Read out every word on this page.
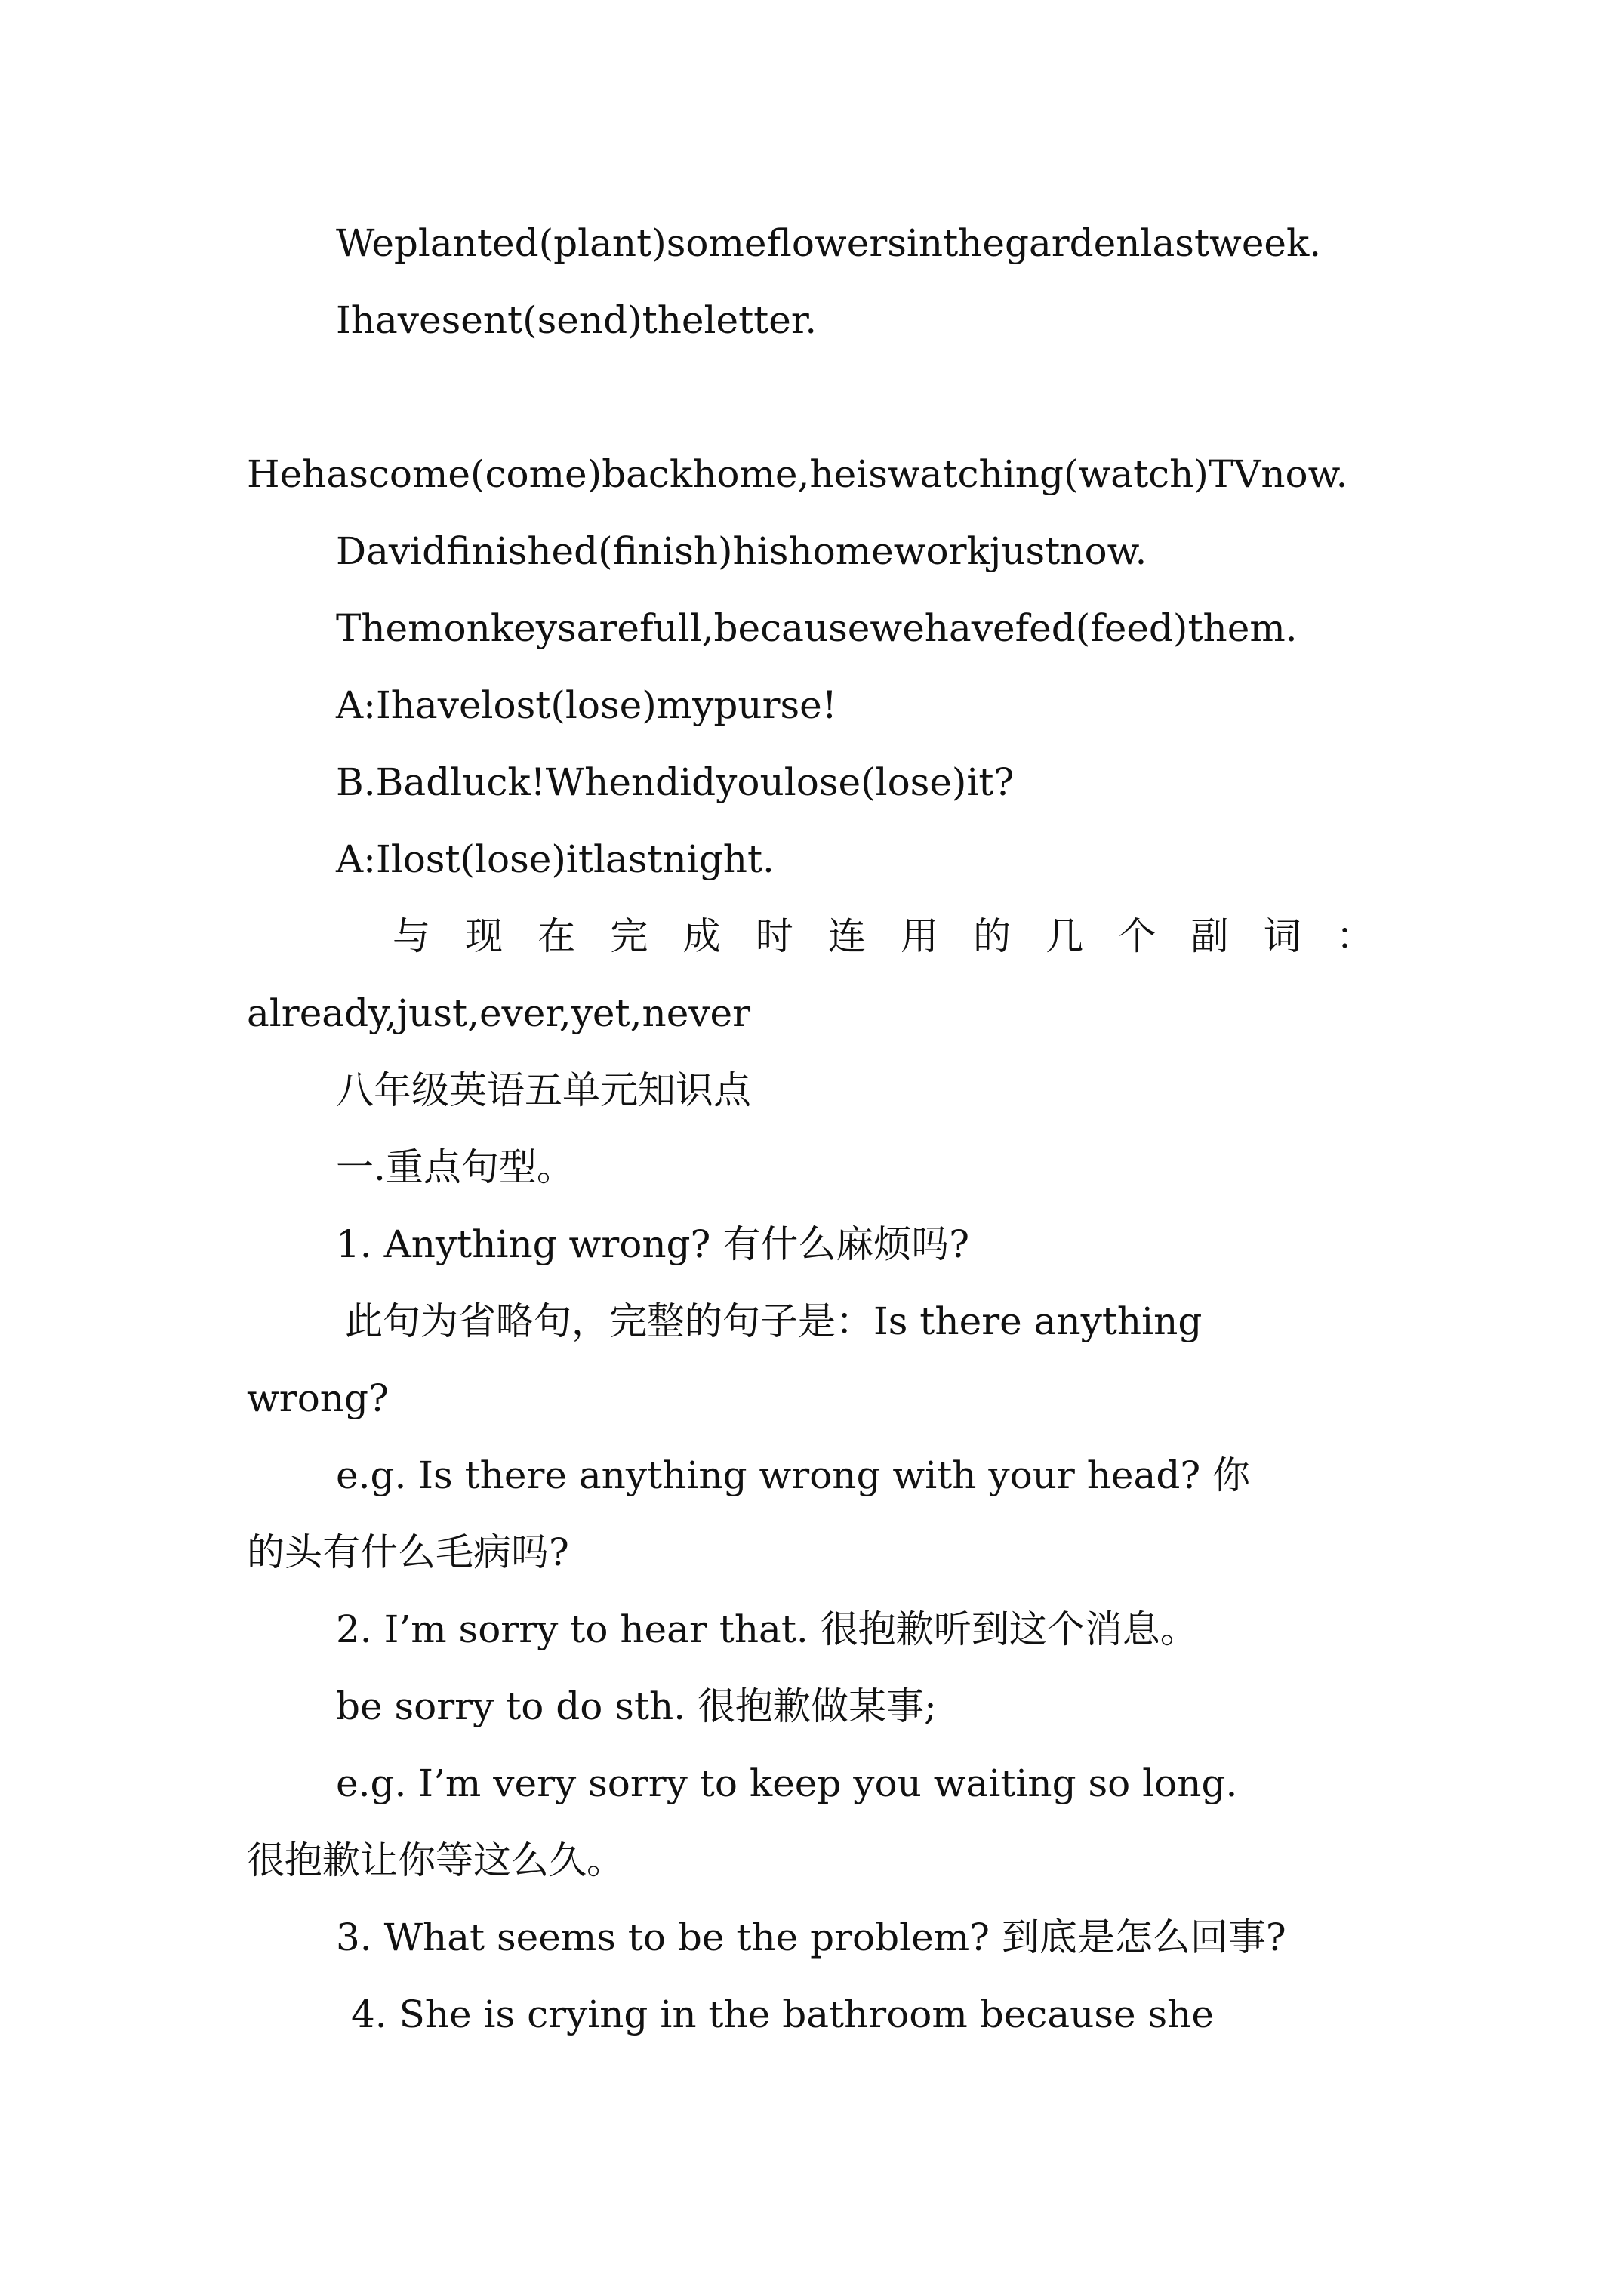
Weplanted(plant)someflowersinthegardenlastweek.
Ihavesent(send)theletter.
Hehascome(come)backhome,heiswatching(watch)TVnow.
Davidfinished(finish)hishomeworkjustnow.
Themonkeysarefull,becausewehavefed(feed)them.
A:Ihavelost(lose)mypurse!
B.Badluck!Whendidyoulose(lose)it?
A:Ilost(lose)itlastnight.
与 现 在 完 成 时 连 用 的 几 个 副 词 ：
already,just,ever,yet,never
八年级英语五单元知识点
一.重点句型。
1. Anything wrong? 有什么麻烦吗?
此句为省略句，完整的句子是：Is there anything
wrong?
e.g. Is there anything wrong with your head? 你
的头有什么毛病吗?
2. I’m sorry to hear that. 很抱歉听到这个消息。
be sorry to do sth. 很抱歉做某事;
e.g. I’m very sorry to keep you waiting so long.
很抱歉让你等这么久。
3. What seems to be the problem? 到底是怎么回事?
4. She is crying in the bathroom because she
